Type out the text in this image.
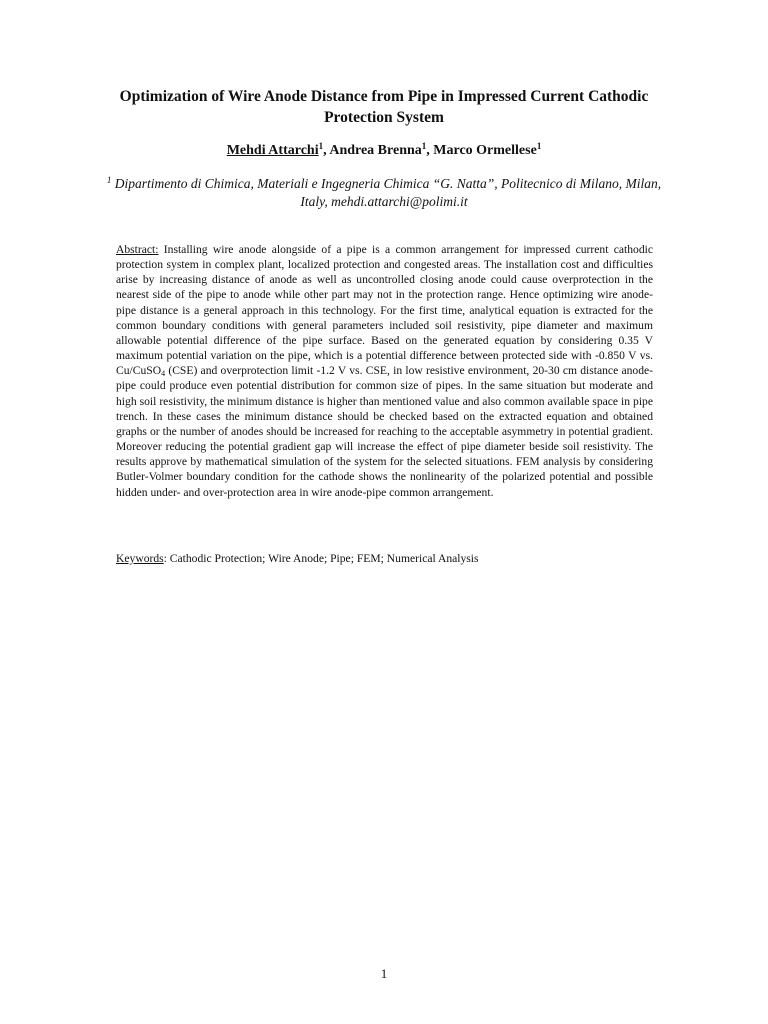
Optimization of Wire Anode Distance from Pipe in Impressed Current Cathodic Protection System

Mehdi Attarchi$^1$, Andrea Brenna$^1$, Marco Ormellese$^1$

$^1$ Dipartimento di Chimica, Materiali e Ingegneria Chimica “G. Natta”, Politecnico di Milano, Milan, Italy, mehdi.attarchi@polimi.it

Abstract: Installing wire anode alongside of a pipe is a common arrangement for impressed current cathodic protection system in complex plant, localized protection and congested areas. The installation cost and difficulties arise by increasing distance of anode as well as uncontrolled closing anode could cause overprotection in the nearest side of the pipe to anode while other part may not in the protection range. Hence optimizing wire anode-pipe distance is a general approach in this technology. For the first time, analytical equation is extracted for the common boundary conditions with general parameters included soil resistivity, pipe diameter and maximum allowable potential difference of the pipe surface. Based on the generated equation by considering 0.35 V maximum potential variation on the pipe, which is a potential difference between protected side with -0.850 V vs. Cu/CuSO$_4$ (CSE) and overprotection limit -1.2 V vs. CSE, in low resistive environment, 20-30 cm distance anode-pipe could produce even potential distribution for common size of pipes. In the same situation but moderate and high soil resistivity, the minimum distance is higher than mentioned value and also common available space in pipe trench. In these cases the minimum distance should be checked based on the extracted equation and obtained graphs or the number of anodes should be increased for reaching to the acceptable asymmetry in potential gradient. Moreover reducing the potential gradient gap will increase the effect of pipe diameter beside soil resistivity. The results approve by mathematical simulation of the system for the selected situations. FEM analysis by considering Butler-Volmer boundary condition for the cathode shows the nonlinearity of the polarized potential and possible hidden under- and over-protection area in wire anode-pipe common arrangement.

Keywords: Cathodic Protection; Wire Anode; Pipe; FEM; Numerical Analysis

1
